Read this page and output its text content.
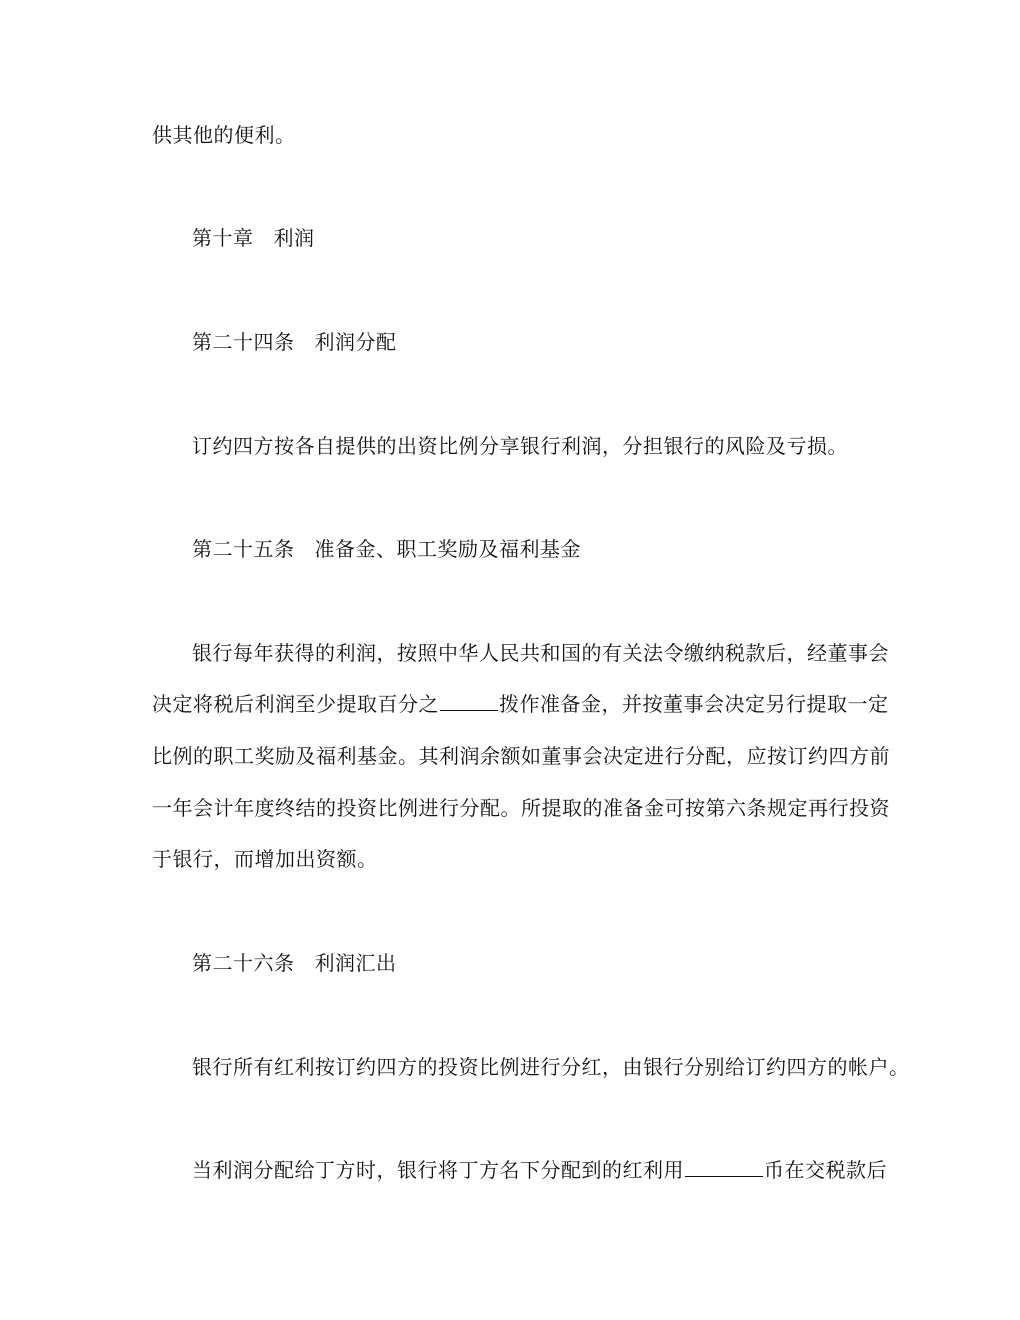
供其他的便利。
第十章 利润
第二十四条 利润分配
订约四方按各自提供的出资比例分享银行利润，分担银行的风险及亏损。
第二十五条 准备金、职工奖励及福利基金
银行每年获得的利润，按照中华人民共和国的有关法令缴纳税款后，经董事会
决定将税后利润至少提取百分之	拨作准备金，并按董事会决定另行提取一定
比例的职工奖励及福利基金。其利润余额如董事会决定进行分配，应按订约四方前
一年会计年度终结的投资比例进行分配。所提取的准备金可按第六条规定再行投资
于银行，而增加出资额。
第二十六条 利润汇出
银行所有红利按订约四方的投资比例进行分红，由银行分别给订约四方的帐户。
当利润分配给丁方时，银行将丁方名下分配到的红利用	币在交税款后
